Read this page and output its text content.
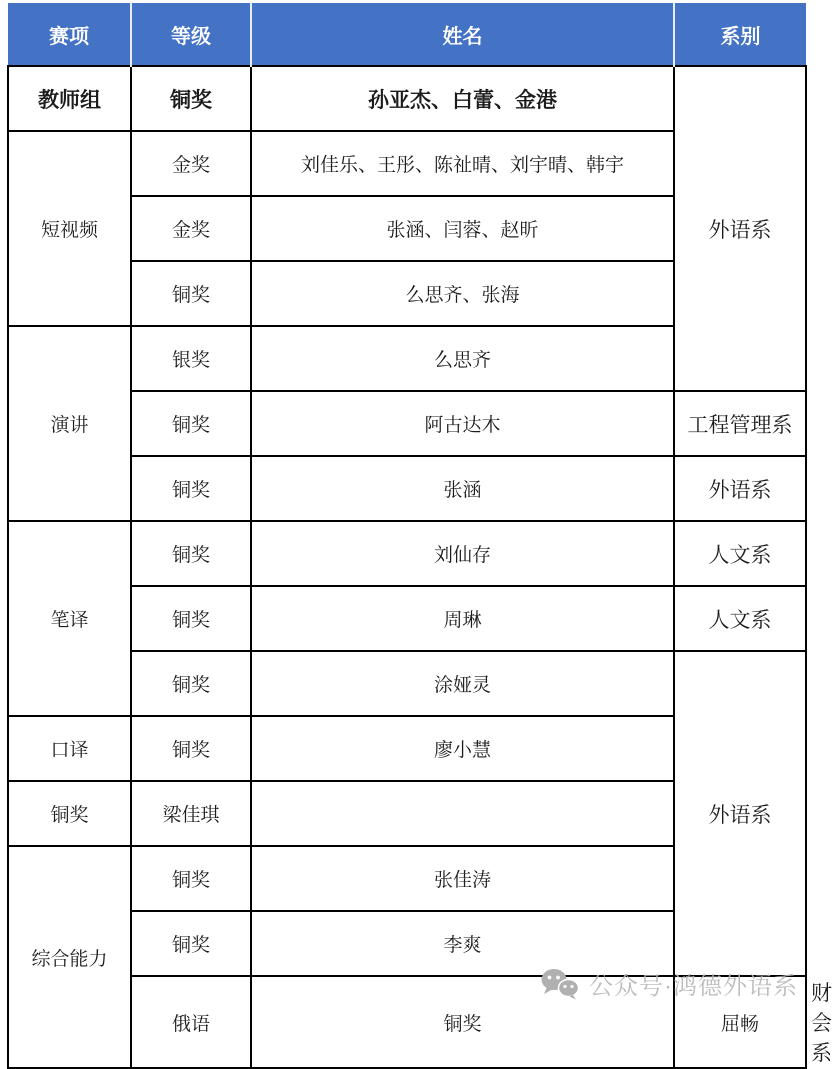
赛项	等级	姓名	系别	
教师组	铜奖	孙亚杰、白蕾、金港	外语系	
短视频	金奖	刘佳乐、王彤、陈祉晴、刘宇晴、韩宇		
	金奖	张涵、闫蓉、赵昕		
	铜奖	么思齐、张海		
演讲	银奖	么思齐		
	铜奖	阿古达木	工程管理系	
	铜奖	张涵	外语系	
笔译	铜奖	刘仙存	人文系	
	铜奖	周琳	人文系	
	铜奖	涂娅灵	外语系	
口译	铜奖	廖小慧		
铜奖	梁佳琪			
综合能力	铜奖	张佳涛		
	铜奖	李爽		
	俄语	铜奖	屈畅	财会系
公众号·鸿德外语系
